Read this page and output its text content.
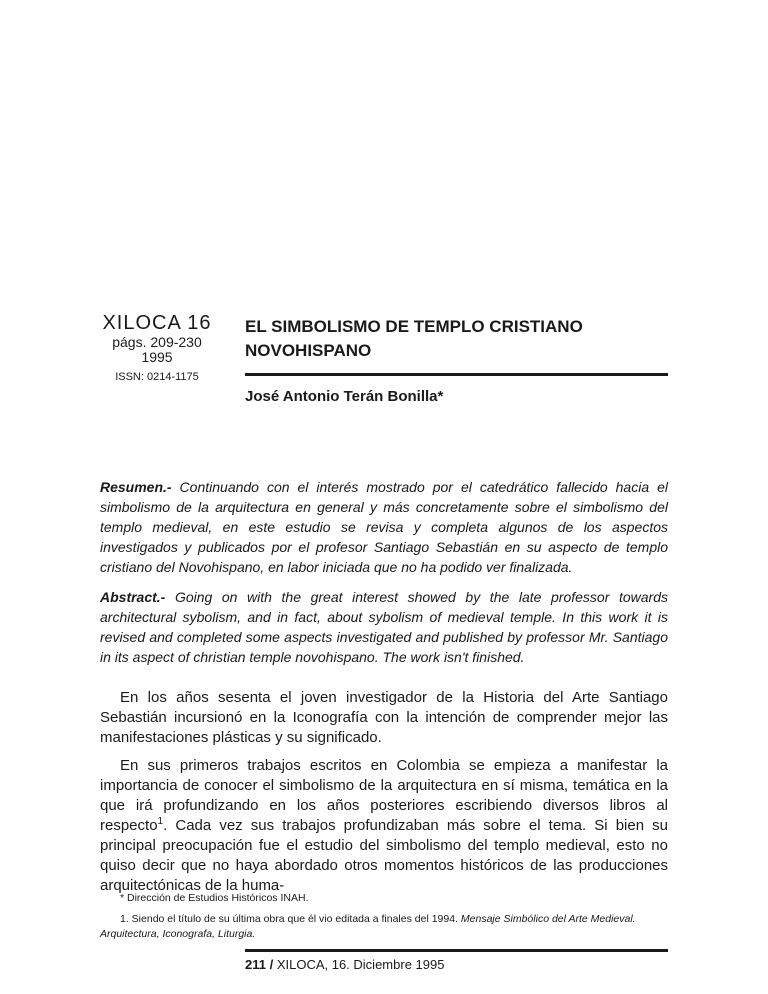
XILOCA 16
págs. 209-230
1995
ISSN: 0214-1175
EL SIMBOLISMO DE TEMPLO CRISTIANO NOVOHISPANO
José Antonio Terán Bonilla*

Resumen.- Continuando con el interés mostrado por el catedrático fallecido hacia el simbolismo de la arquitectura en general y más concretamente sobre el simbolismo del templo medieval, en este estudio se revisa y completa algunos de los aspectos investigados y publicados por el profesor Santiago Sebastián en su aspecto de templo cristiano del Novohispano, en labor iniciada que no ha podido ver finalizada.

Abstract.- Going on with the great interest showed by the late professor towards architectural sybolism, and in fact, about sybolism of medieval temple. In this work it is revised and completed some aspects investigated and published by professor Mr. Santiago in its aspect of christian temple novohispano. The work isn't finished.

En los años sesenta el joven investigador de la Historia del Arte Santiago Sebastián incursionó en la Iconografía con la intención de comprender mejor las manifestaciones plásticas y su significado.

En sus primeros trabajos escritos en Colombia se empieza a manifestar la importancia de conocer el simbolismo de la arquitectura en sí misma, temática en la que irá profundizando en los años posteriores escribiendo diversos libros al respecto$^1$. Cada vez sus trabajos profundizaban más sobre el tema. Si bien su principal preocupación fue el estudio del simbolismo del templo medieval, esto no quiso decir que no haya abordado otros momentos históricos de las producciones arquitectónicas de la huma-

* Dirección de Estudios Históricos INAH.

1. Siendo el título de su última obra que él vio editada a finales del 1994. Mensaje Simbólico del Arte Medieval. Arquitectura, Iconografa, Liturgia.

211 / XILOCA, 16. Diciembre 1995
